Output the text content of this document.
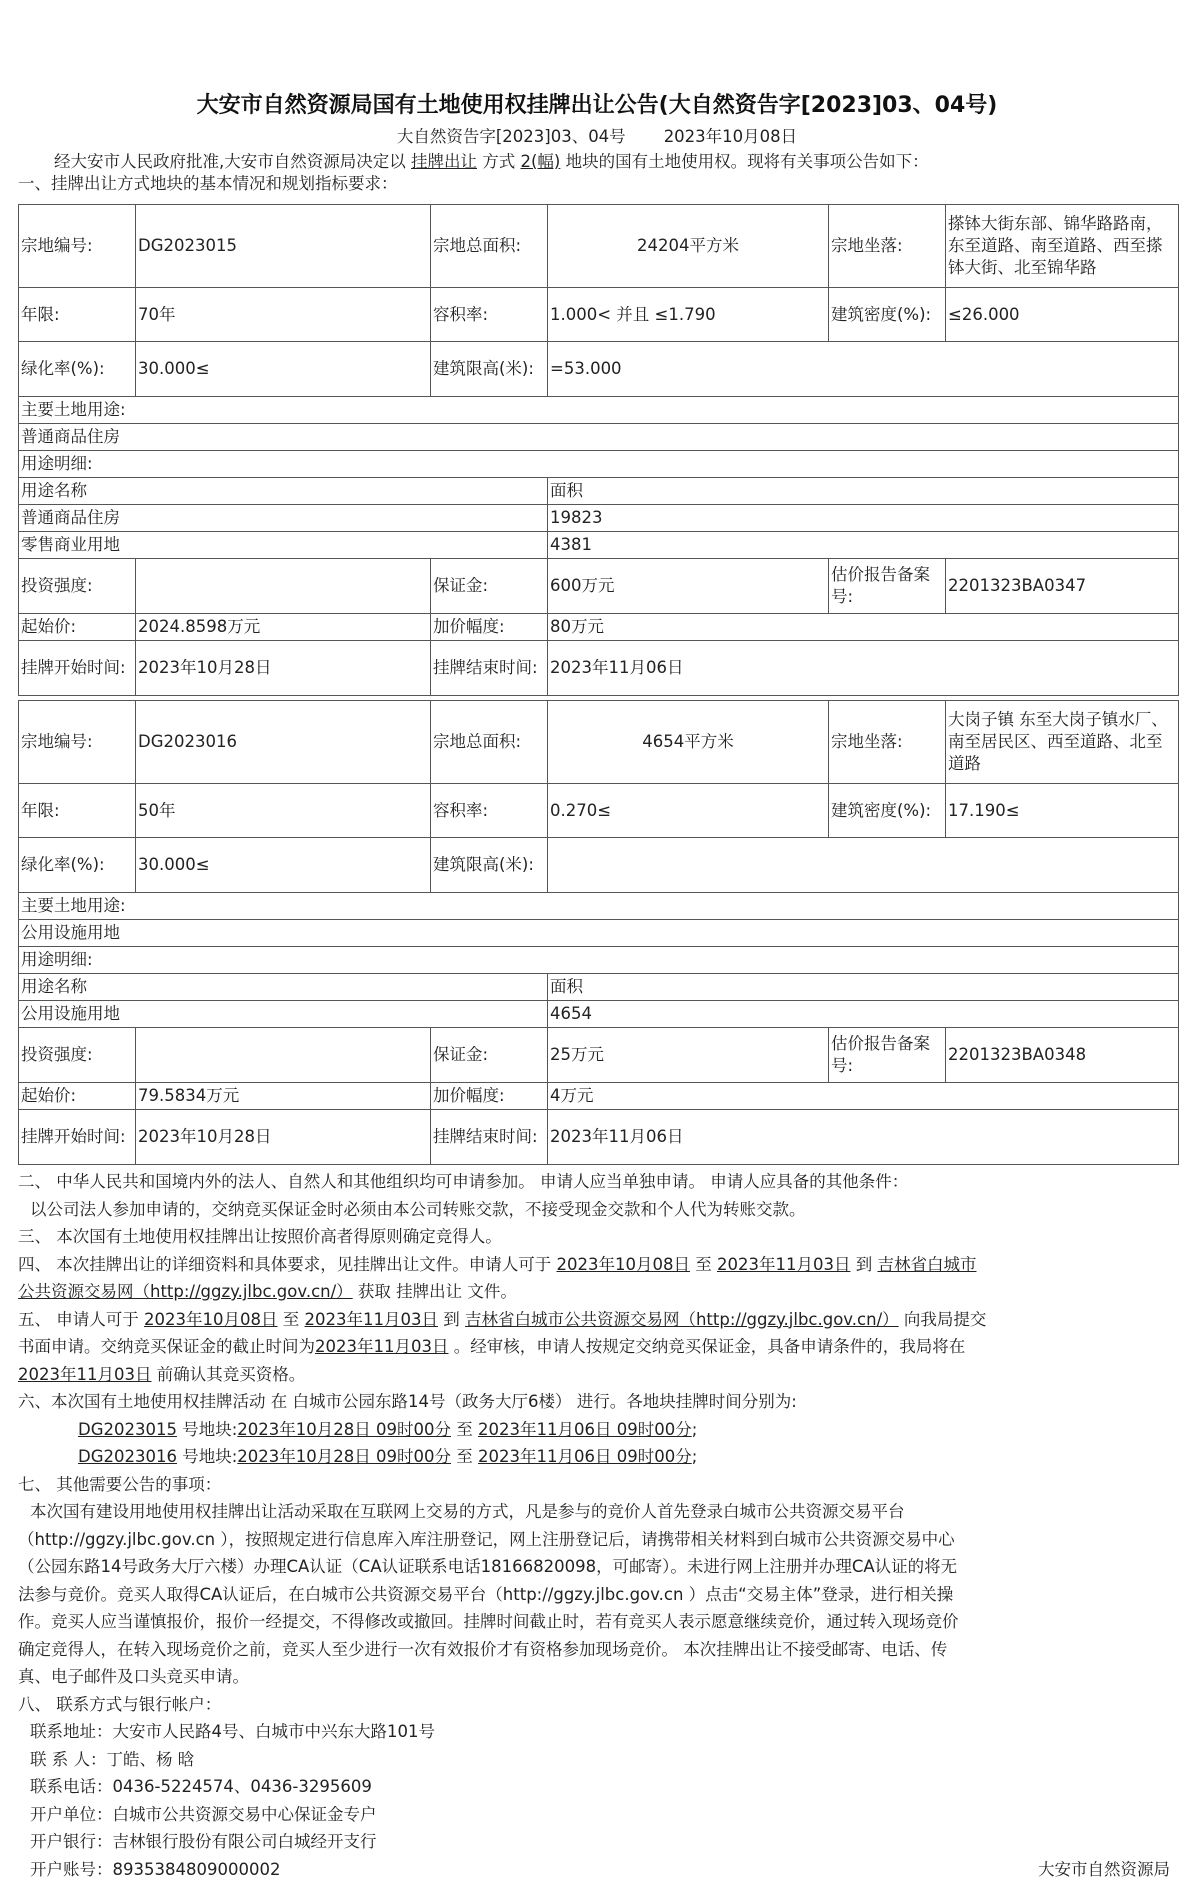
大安市自然资源局国有土地使用权挂牌出让公告(大自然资告字[2023]03、04号)
大自然资告字[2023]03、04号 2023年10月08日
经大安市人民政府批准,大安市自然资源局决定以 挂牌出让 方式 2(幅) 地块的国有土地使用权。现将有关事项公告如下：
一、挂牌出让方式地块的基本情况和规划指标要求：
宗地编号:	DG2023015	宗地总面积:	24204平方米	宗地坐落:	搽钵大街东部、锦华路路南，东至道路、南至道路、西至搽钵大街、北至锦华路
年限:	70年	容积率:	1.000< 并且 ≤1.790	建筑密度(%):	≤26.000
绿化率(%):	30.000≤	建筑限高(米):	=53.000		
主要土地用途:					
普通商品住房					
用途明细:					
用途名称			面积		
普通商品住房			19823		
零售商业用地			4381		
投资强度:		保证金:	600万元	估价报告备案号:	2201323BA0347
起始价:	2024.8598万元	加价幅度:	80万元		
挂牌开始时间:	2023年10月28日	挂牌结束时间:	2023年11月06日		
宗地编号:	DG2023016	宗地总面积:	4654平方米	宗地坐落:	大岗子镇 东至大岗子镇水厂、南至居民区、西至道路、北至道路
年限:	50年	容积率:	0.270≤	建筑密度(%):	17.190≤
绿化率(%):	30.000≤	建筑限高(米):			
主要土地用途:					
公用设施用地					
用途明细:					
用途名称			面积		
公用设施用地			4654		
投资强度:		保证金:	25万元	估价报告备案号:	2201323BA0348
起始价:	79.5834万元	加价幅度:	4万元		
挂牌开始时间:	2023年10月28日	挂牌结束时间:	2023年11月06日		

二、 中华人民共和国境内外的法人、自然人和其他组织均可申请参加。 申请人应当单独申请。 申请人应具备的其他条件：

以公司法人参加申请的，交纳竞买保证金时必须由本公司转账交款，不接受现金交款和个人代为转账交款。

三、 本次国有土地使用权挂牌出让按照价高者得原则确定竞得人。

四、 本次挂牌出让的详细资料和具体要求，见挂牌出让文件。申请人可于 2023年10月08日 至 2023年11月03日 到 吉林省白城市
公共资源交易网（http://ggzy.jlbc.gov.cn/） 获取 挂牌出让 文件。

五、 申请人可于 2023年10月08日 至 2023年11月03日 到 吉林省白城市公共资源交易网（http://ggzy.jlbc.gov.cn/） 向我局提交
书面申请。交纳竞买保证金的截止时间为2023年11月03日 。经审核，申请人按规定交纳竞买保证金，具备申请条件的，我局将在
2023年11月03日 前确认其竞买资格。

六、本次国有土地使用权挂牌活动 在 白城市公园东路14号（政务大厅6楼） 进行。各地块挂牌时间分别为:

DG2023015 号地块:2023年10月28日 09时00分 至 2023年11月06日 09时00分;

DG2023016 号地块:2023年10月28日 09时00分 至 2023年11月06日 09时00分;

七、 其他需要公告的事项：

本次国有建设用地使用权挂牌出让活动采取在互联网上交易的方式，凡是参与的竞价人首先登录白城市公共资源交易平台

（http://ggzy.jlbc.gov.cn ），按照规定进行信息库入库注册登记，网上注册登记后，请携带相关材料到白城市公共资源交易中心

（公园东路14号政务大厅六楼）办理CA认证（CA认证联系电话18166820098，可邮寄）。未进行网上注册并办理CA认证的将无

法参与竞价。竞买人取得CA认证后，在白城市公共资源交易平台（http://ggzy.jlbc.gov.cn ）点击“交易主体”登录，进行相关操

作。竞买人应当谨慎报价，报价一经提交，不得修改或撤回。挂牌时间截止时，若有竞买人表示愿意继续竞价，通过转入现场竞价

确定竞得人，在转入现场竞价之前，竞买人至少进行一次有效报价才有资格参加现场竞价。 本次挂牌出让不接受邮寄、电话、传

真、电子邮件及口头竞买申请。

八、 联系方式与银行帐户：

联系地址：大安市人民路4号、白城市中兴东大路101号

联 系 人：丁皓、杨 晗

联系电话：0436-5224574、0436-3295609

开户单位：白城市公共资源交易中心保证金专户

开户银行：吉林银行股份有限公司白城经开支行

开户账号：8935384809000002	大安市自然资源局
